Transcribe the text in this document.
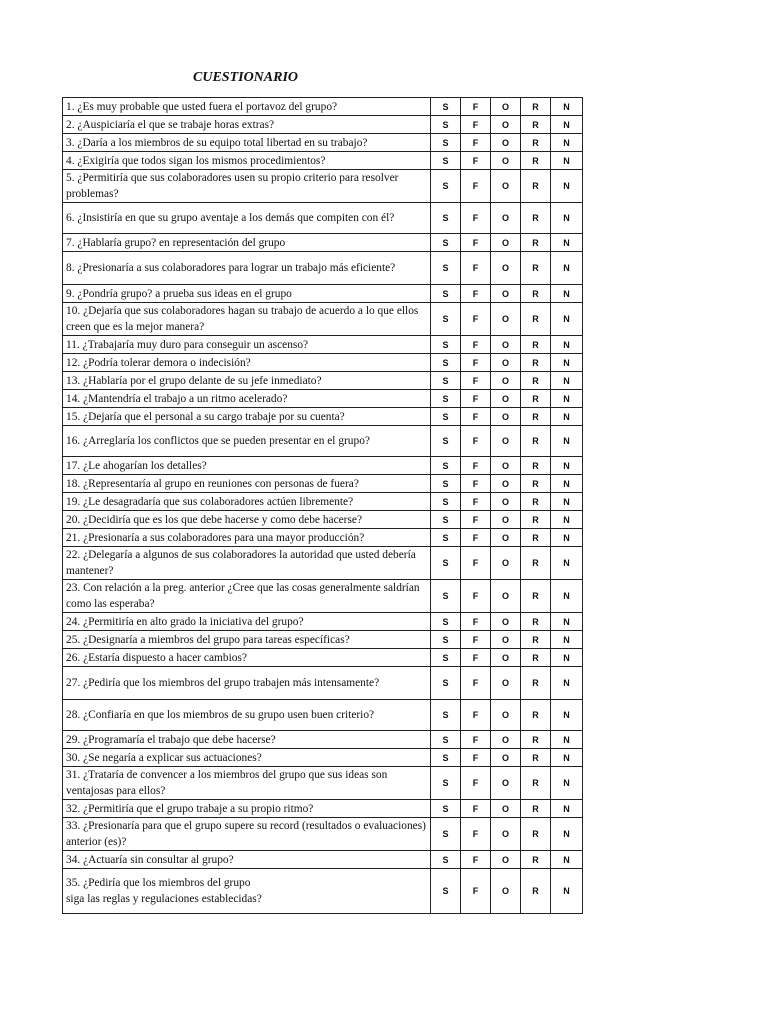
CUESTIONARIO
1. ¿Es muy probable que usted fuera el portavoz del grupo?	S	F	O	R	N
2. ¿Auspiciaría el que se trabaje horas extras?	S	F	O	R	N
3. ¿Daría a los miembros de su equipo total libertad en su trabajo?	S	F	O	R	N
4. ¿Exigiría que todos sigan los mismos procedimientos?	S	F	O	R	N
5. ¿Permitiría que sus colaboradores usen su propio criterio para resolver problemas?	S	F	O	R	N
6. ¿Insistiría en que su grupo aventaje a los demás que compiten con él?	S	F	O	R	N
7. ¿Hablaría grupo? en representación del grupo	S	F	O	R	N
8. ¿Presionaría a sus colaboradores para lograr un trabajo más eficiente?	S	F	O	R	N
9. ¿Pondría grupo? a prueba sus ideas en el grupo	S	F	O	R	N
10. ¿Dejaría que sus colaboradores hagan su trabajo de acuerdo a lo que ellos creen que es la mejor manera?	S	F	O	R	N
11. ¿Trabajaría muy duro para conseguir un ascenso?	S	F	O	R	N
12. ¿Podría tolerar demora o indecisión?	S	F	O	R	N
13. ¿Hablaría por el grupo delante de su jefe inmediato?	S	F	O	R	N
14. ¿Mantendría el trabajo a un ritmo acelerado?	S	F	O	R	N
15. ¿Dejaría que el personal a su cargo trabaje por su cuenta?	S	F	O	R	N
16. ¿Arreglaría los conflictos que se pueden presentar en el grupo?	S	F	O	R	N
17. ¿Le ahogarían los detalles?	S	F	O	R	N
18. ¿Representaría al grupo en reuniones con personas de fuera?	S	F	O	R	N
19. ¿Le desagradaría que sus colaboradores actúen libremente?	S	F	O	R	N
20. ¿Decidiría que es los que debe hacerse y como debe hacerse?	S	F	O	R	N
21. ¿Presionaría a sus colaboradores para una mayor producción?	S	F	O	R	N
22. ¿Delegaría a algunos de sus colaboradores la autoridad que usted debería mantener?	S	F	O	R	N
23. Con relación a la preg. anterior ¿Cree que las cosas generalmente saldrían como las esperaba?	S	F	O	R	N
24. ¿Permitiría en alto grado la iniciativa del grupo?	S	F	O	R	N
25. ¿Designaría a miembros del grupo para tareas específicas?	S	F	O	R	N
26. ¿Estaría dispuesto a hacer cambios?	S	F	O	R	N
27. ¿Pediría que los miembros del grupo trabajen más intensamente?	S	F	O	R	N
28. ¿Confiaría en que los miembros de su grupo usen buen criterio?	S	F	O	R	N
29. ¿Programaría el trabajo que debe hacerse?	S	F	O	R	N
30. ¿Se negaría a explicar sus actuaciones?	S	F	O	R	N
31. ¿Trataría de convencer a los miembros del grupo que sus ideas son ventajosas para ellos?	S	F	O	R	N
32. ¿Permitiría que el grupo trabaje a su propio ritmo?	S	F	O	R	N
33. ¿Presionaría para que el grupo supere su record (resultados o evaluaciones) anterior (es)?	S	F	O	R	N
34. ¿Actuaría sin consultar al grupo?	S	F	O	R	N
35. ¿Pediría que los miembros del grupo
siga las reglas y regulaciones establecidas?	S	F	O	R	N
